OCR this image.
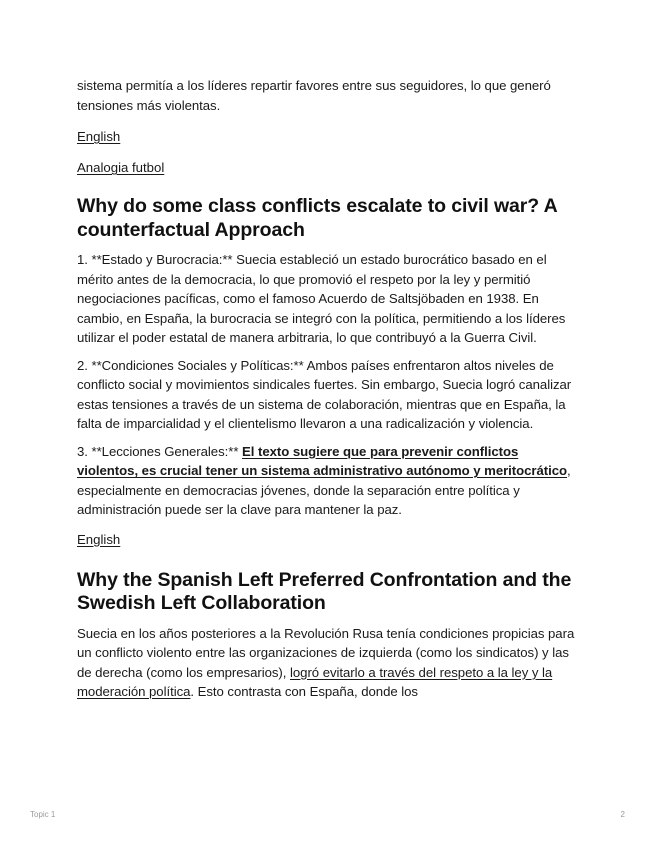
sistema permitía a los líderes repartir favores entre sus seguidores, lo que generó tensiones más violentas.

English
Analogia futbol
Why do some class conflicts escalate to civil war? A counterfactual Approach

1. **Estado y Burocracia:** Suecia estableció un estado burocrático basado en el mérito antes de la democracia, lo que promovió el respeto por la ley y permitió negociaciones pacíficas, como el famoso Acuerdo de Saltsjöbaden en 1938. En cambio, en España, la burocracia se integró con la política, permitiendo a los líderes utilizar el poder estatal de manera arbitraria, lo que contribuyó a la Guerra Civil.

2. **Condiciones Sociales y Políticas:** Ambos países enfrentaron altos niveles de conflicto social y movimientos sindicales fuertes. Sin embargo, Suecia logró canalizar estas tensiones a través de un sistema de colaboración, mientras que en España, la falta de imparcialidad y el clientelismo llevaron a una radicalización y violencia.

3. **Lecciones Generales:** El texto sugiere que para prevenir conflictos violentos, es crucial tener un sistema administrativo autónomo y meritocrático, especialmente en democracias jóvenes, donde la separación entre política y administración puede ser la clave para mantener la paz.

English
Why the Spanish Left Preferred Confrontation and the Swedish Left Collaboration

Suecia en los años posteriores a la Revolución Rusa tenía condiciones propicias para un conflicto violento entre las organizaciones de izquierda (como los sindicatos) y las de derecha (como los empresarios), logró evitarlo a través del respeto a la ley y la moderación política. Esto contrasta con España, donde los

Topic 1	2
